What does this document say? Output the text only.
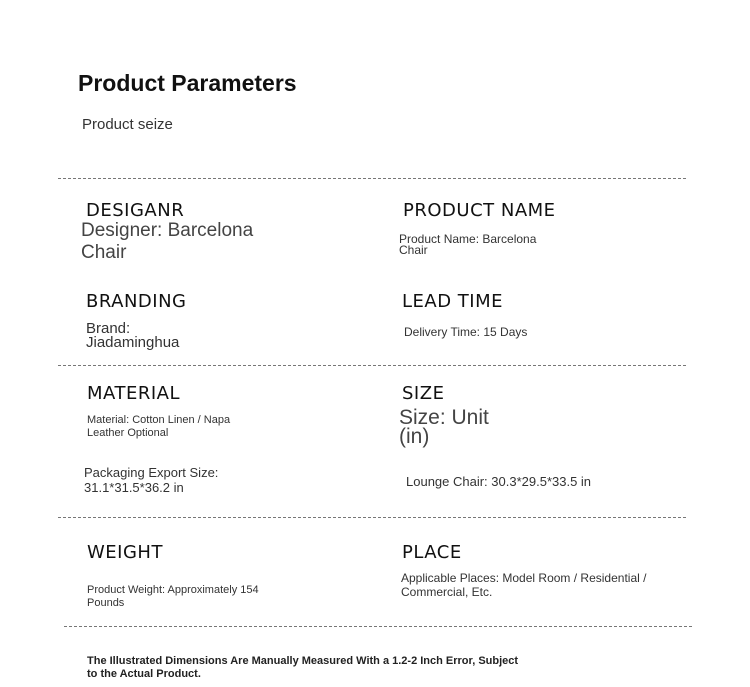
Product Parameters
Product seize
DESIGANR
Designer: Barcelona
Chair
PRODUCT NAME
Product Name: Barcelona
Chair
BRANDING
Brand:
Jiadaminghua
LEAD TIME
Delivery Time: 15 Days
MATERIAL
Material: Cotton Linen / Napa
Leather Optional
SIZE
Size: Unit
(in)
Packaging Export Size:
31.1*31.5*36.2 in	Lounge Chair: 30.3*29.5*33.5 in
WEIGHT
Product Weight: Approximately 154
Pounds
PLACE
Applicable Places: Model Room / Residential /
Commercial, Etc.
The Illustrated Dimensions Are Manually Measured With a 1.2-2 Inch Error, Subject
to the Actual Product.
